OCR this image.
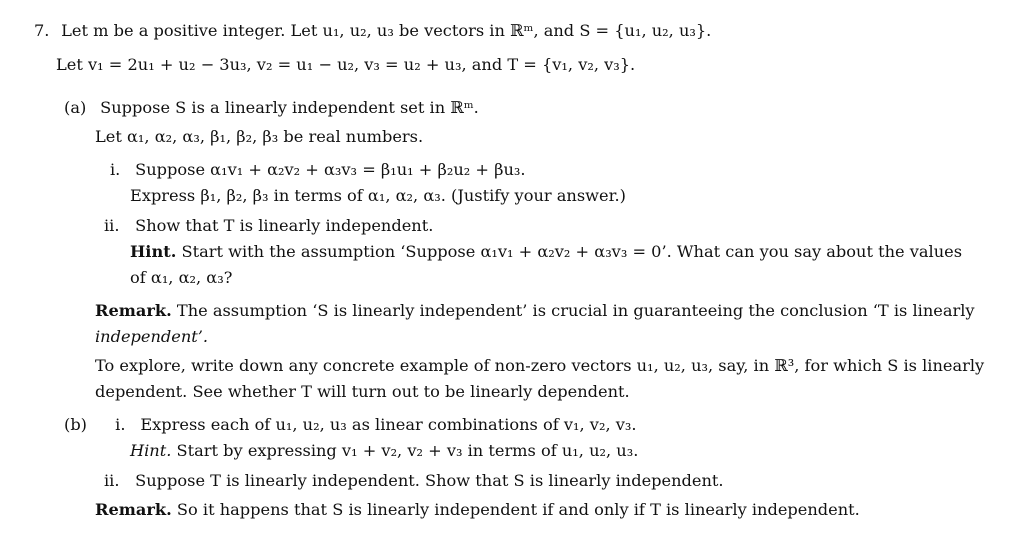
7. Let m be a positive integer. Let u₁, u₂, u₃ be vectors in ℝᵐ, and S = {u₁, u₂, u₃}.
Let v₁ = 2u₁ + u₂ − 3u₃, v₂ = u₁ − u₂, v₃ = u₂ + u₃, and T = {v₁, v₂, v₃}.
(a) Suppose S is a linearly independent set in ℝᵐ.
Let α₁, α₂, α₃, β₁, β₂, β₃ be real numbers.
i. Suppose α₁v₁ + α₂v₂ + α₃v₃ = β₁u₁ + β₂u₂ + βu₃.
Express β₁, β₂, β₃ in terms of α₁, α₂, α₃. (Justify your answer.)
ii. Show that T is linearly independent.
Hint. Start with the assumption ‘Suppose α₁v₁ + α₂v₂ + α₃v₃ = 0’. What can you say about the values
of α₁, α₂, α₃?
Remark. The assumption ‘S is linearly independent’ is crucial in guaranteeing the conclusion ‘T is linearly
independent’.
To explore, write down any concrete example of non-zero vectors u₁, u₂, u₃, say, in ℝ³, for which S is linearly
dependent. See whether T will turn out to be linearly dependent.
(b) i. Express each of u₁, u₂, u₃ as linear combinations of v₁, v₂, v₃.
Hint. Start by expressing v₁ + v₂, v₂ + v₃ in terms of u₁, u₂, u₃.
ii. Suppose T is linearly independent. Show that S is linearly independent.
Remark. So it happens that S is linearly independent if and only if T is linearly independent.
